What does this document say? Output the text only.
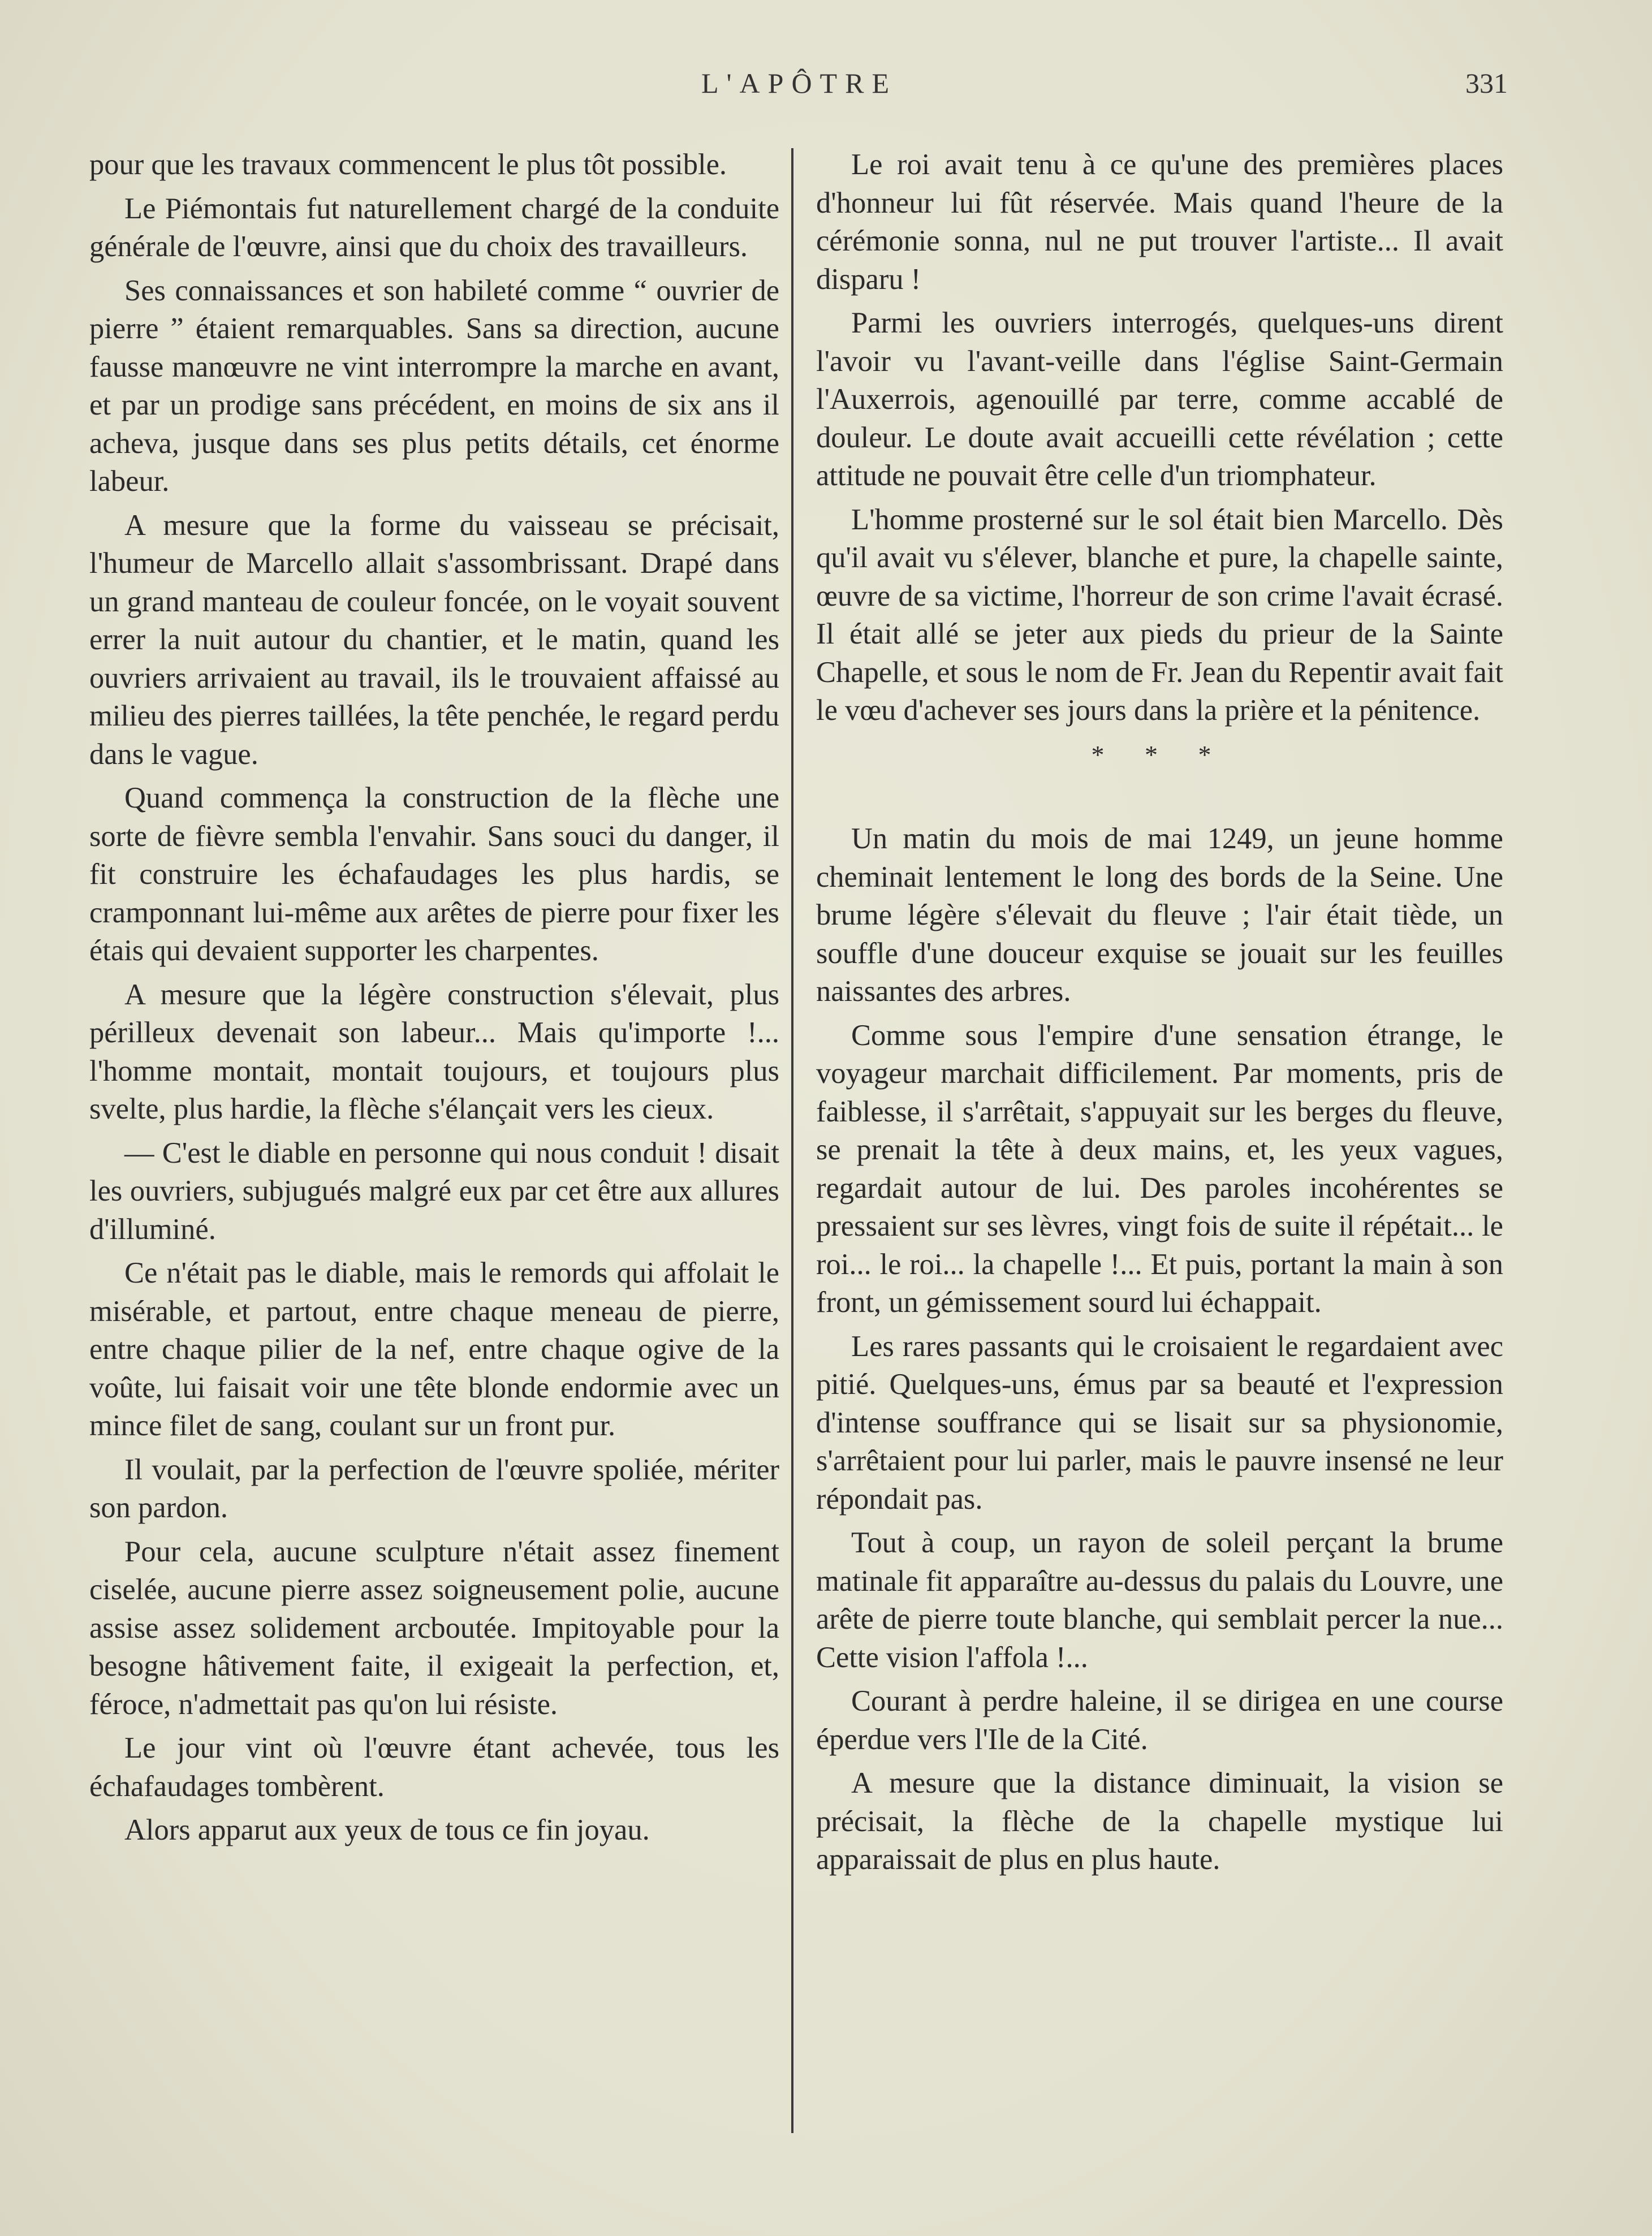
L'APÔTRE	331

pour que les travaux commencent le plus tôt possible.

Le Piémontais fut naturellement chargé de la conduite générale de l'œuvre, ainsi que du choix des travailleurs.

Ses connaissances et son habileté comme “ ouvrier de pierre ” étaient remarquables. Sans sa direction, aucune fausse manœuvre ne vint interrompre la marche en avant, et par un prodige sans précédent, en moins de six ans il acheva, jusque dans ses plus petits détails, cet énorme labeur.

A mesure que la forme du vaisseau se précisait, l'humeur de Marcello allait s'assombrissant. Drapé dans un grand manteau de couleur foncée, on le voyait souvent errer la nuit autour du chantier, et le matin, quand les ouvriers arrivaient au travail, ils le trouvaient affaissé au milieu des pierres taillées, la tête penchée, le regard perdu dans le vague.

Quand commença la construction de la flèche une sorte de fièvre sembla l'envahir. Sans souci du danger, il fit construire les échafaudages les plus hardis, se cramponnant lui-même aux arêtes de pierre pour fixer les étais qui devaient supporter les charpentes.

A mesure que la légère construction s'élevait, plus périlleux devenait son labeur... Mais qu'importe !... l'homme montait, montait toujours, et toujours plus svelte, plus hardie, la flèche s'élançait vers les cieux.

— C'est le diable en personne qui nous conduit ! disait les ouvriers, subjugués malgré eux par cet être aux allures d'illuminé.

Ce n'était pas le diable, mais le remords qui affolait le misérable, et partout, entre chaque meneau de pierre, entre chaque pilier de la nef, entre chaque ogive de la voûte, lui faisait voir une tête blonde endormie avec un mince filet de sang, coulant sur un front pur.

Il voulait, par la perfection de l'œuvre spoliée, mériter son pardon.

Pour cela, aucune sculpture n'était assez finement ciselée, aucune pierre assez soigneusement polie, aucune assise assez solidement arcboutée. Impitoyable pour la besogne hâtivement faite, il exigeait la perfection, et, féroce, n'admettait pas qu'on lui résiste.

Le jour vint où l'œuvre étant achevée, tous les échafaudages tombèrent.

Alors apparut aux yeux de tous ce fin joyau.

Le roi avait tenu à ce qu'une des premières places d'honneur lui fût réservée. Mais quand l'heure de la cérémonie sonna, nul ne put trouver l'artiste... Il avait disparu !

Parmi les ouvriers interrogés, quelques-uns dirent l'avoir vu l'avant-veille dans l'église Saint-Germain l'Auxerrois, agenouillé par terre, comme accablé de douleur. Le doute avait accueilli cette révélation ; cette attitude ne pouvait être celle d'un triomphateur.

L'homme prosterné sur le sol était bien Marcello. Dès qu'il avait vu s'élever, blanche et pure, la chapelle sainte, œuvre de sa victime, l'horreur de son crime l'avait écrasé. Il était allé se jeter aux pieds du prieur de la Sainte Chapelle, et sous le nom de Fr. Jean du Repentir avait fait le vœu d'achever ses jours dans la prière et la pénitence.

* * *

Un matin du mois de mai 1249, un jeune homme cheminait lentement le long des bords de la Seine. Une brume légère s'élevait du fleuve ; l'air était tiède, un souffle d'une douceur exquise se jouait sur les feuilles naissantes des arbres.

Comme sous l'empire d'une sensation étrange, le voyageur marchait difficilement. Par moments, pris de faiblesse, il s'arrêtait, s'appuyait sur les berges du fleuve, se prenait la tête à deux mains, et, les yeux vagues, regardait autour de lui. Des paroles incohérentes se pressaient sur ses lèvres, vingt fois de suite il répétait... le roi... le roi... la chapelle !... Et puis, portant la main à son front, un gémissement sourd lui échappait.

Les rares passants qui le croisaient le regardaient avec pitié. Quelques-uns, émus par sa beauté et l'expression d'intense souffrance qui se lisait sur sa physionomie, s'arrêtaient pour lui parler, mais le pauvre insensé ne leur répondait pas.

Tout à coup, un rayon de soleil perçant la brume matinale fit apparaître au-dessus du palais du Louvre, une arête de pierre toute blanche, qui semblait percer la nue... Cette vision l'affola !...

Courant à perdre haleine, il se dirigea en une course éperdue vers l'Ile de la Cité.

A mesure que la distance diminuait, la vision se précisait, la flèche de la chapelle mystique lui apparaissait de plus en plus haute.
